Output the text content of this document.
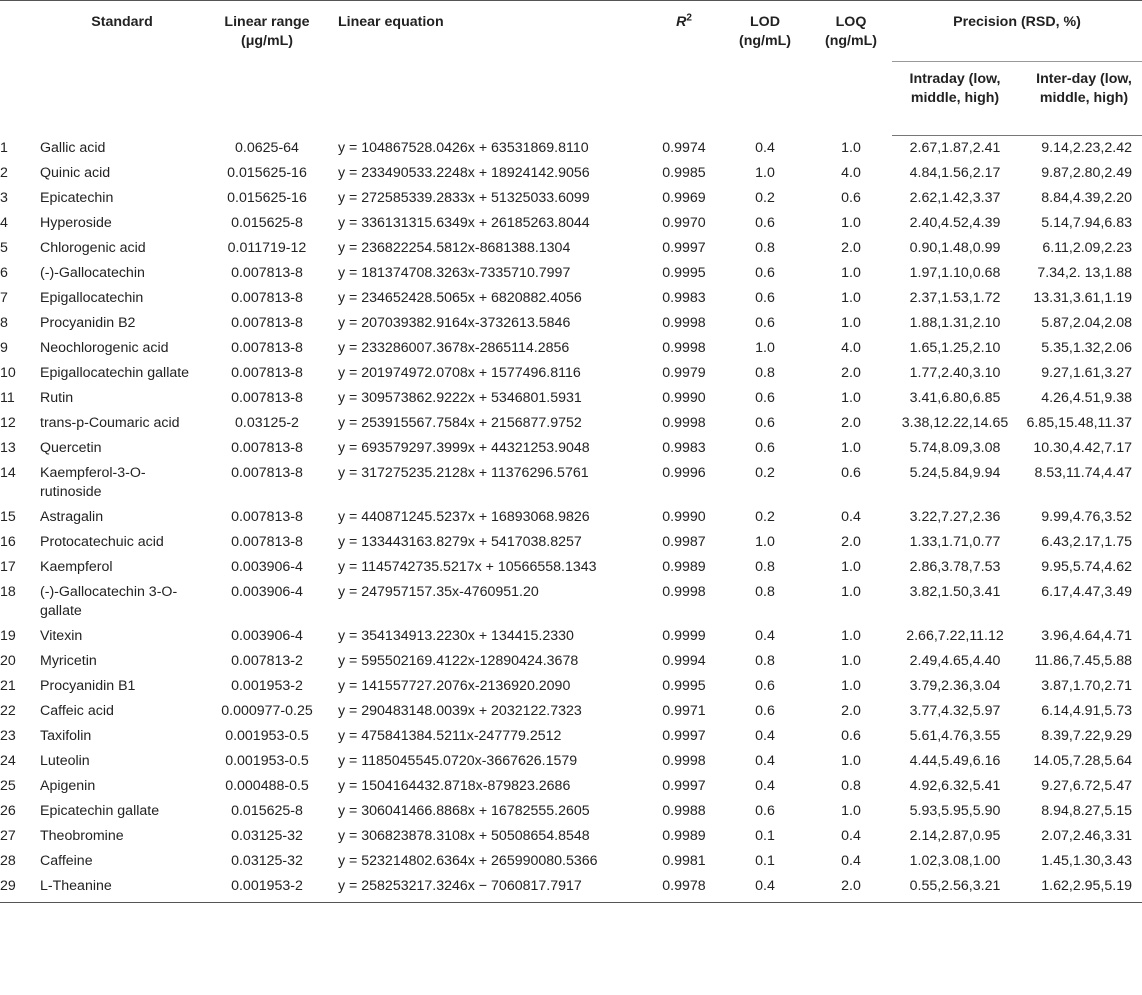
	Standard	Linear range (μg/mL)	Linear equation	$R^2$	LOD (ng/mL)	LOQ (ng/mL)	Precision (RSD, %)	

							Intraday (low, middle, high)	Inter-day (low, middle, high)

1	Gallic acid	0.0625-64	y = 104867528.0426x + 63531869.8110	0.9974	0.4	1.0	2.67,1.87,2.41	9.14,2.23,2.42
2	Quinic acid	0.015625-16	y = 233490533.2248x + 18924142.9056	0.9985	1.0	4.0	4.84,1.56,2.17	9.87,2.80,2.49
3	Epicatechin	0.015625-16	y = 272585339.2833x + 51325033.6099	0.9969	0.2	0.6	2.62,1.42,3.37	8.84,4.39,2.20
4	Hyperoside	0.015625-8	y = 336131315.6349x + 26185263.8044	0.9970	0.6	1.0	2.40,4.52,4.39	5.14,7.94,6.83
5	Chlorogenic acid	0.011719-12	y = 236822254.5812x-8681388.1304	0.9997	0.8	2.0	0.90,1.48,0.99	6.11,2.09,2.23
6	(-)-Gallocatechin	0.007813-8	y = 181374708.3263x-7335710.7997	0.9995	0.6	1.0	1.97,1.10,0.68	7.34,2. 13,1.88
7	Epigallocatechin	0.007813-8	y = 234652428.5065x + 6820882.4056	0.9983	0.6	1.0	2.37,1.53,1.72	13.31,3.61,1.19
8	Procyanidin B2	0.007813-8	y = 207039382.9164x-3732613.5846	0.9998	0.6	1.0	1.88,1.31,2.10	5.87,2.04,2.08
9	Neochlorogenic acid	0.007813-8	y = 233286007.3678x-2865114.2856	0.9998	1.0	4.0	1.65,1.25,2.10	5.35,1.32,2.06
10	Epigallocatechin gallate	0.007813-8	y = 201974972.0708x + 1577496.8116	0.9979	0.8	2.0	1.77,2.40,3.10	9.27,1.61,3.27
11	Rutin	0.007813-8	y = 309573862.9222x + 5346801.5931	0.9990	0.6	1.0	3.41,6.80,6.85	4.26,4.51,9.38
12	trans-p-Coumaric acid	0.03125-2	y = 253915567.7584x + 2156877.9752	0.9998	0.6	2.0	3.38,12.22,14.65	6.85,15.48,11.37
13	Quercetin	0.007813-8	y = 693579297.3999x + 44321253.9048	0.9983	0.6	1.0	5.74,8.09,3.08	10.30,4.42,7.17
14	Kaempferol-3-O-rutinoside	0.007813-8	y = 317275235.2128x + 11376296.5761	0.9996	0.2	0.6	5.24,5.84,9.94	8.53,11.74,4.47
15	Astragalin	0.007813-8	y = 440871245.5237x + 16893068.9826	0.9990	0.2	0.4	3.22,7.27,2.36	9.99,4.76,3.52
16	Protocatechuic acid	0.007813-8	y = 133443163.8279x + 5417038.8257	0.9987	1.0	2.0	1.33,1.71,0.77	6.43,2.17,1.75
17	Kaempferol	0.003906-4	y = 1145742735.5217x + 10566558.1343	0.9989	0.8	1.0	2.86,3.78,7.53	9.95,5.74,4.62
18	(-)-Gallocatechin 3-O-gallate	0.003906-4	y = 247957157.35x-4760951.20	0.9998	0.8	1.0	3.82,1.50,3.41	6.17,4.47,3.49
19	Vitexin	0.003906-4	y = 354134913.2230x + 134415.2330	0.9999	0.4	1.0	2.66,7.22,11.12	3.96,4.64,4.71
20	Myricetin	0.007813-2	y = 595502169.4122x-12890424.3678	0.9994	0.8	1.0	2.49,4.65,4.40	11.86,7.45,5.88
21	Procyanidin B1	0.001953-2	y = 141557727.2076x-2136920.2090	0.9995	0.6	1.0	3.79,2.36,3.04	3.87,1.70,2.71
22	Caffeic acid	0.000977-0.25	y = 290483148.0039x + 2032122.7323	0.9971	0.6	2.0	3.77,4.32,5.97	6.14,4.91,5.73
23	Taxifolin	0.001953-0.5	y = 475841384.5211x-247779.2512	0.9997	0.4	0.6	5.61,4.76,3.55	8.39,7.22,9.29
24	Luteolin	0.001953-0.5	y = 1185045545.0720x-3667626.1579	0.9998	0.4	1.0	4.44,5.49,6.16	14.05,7.28,5.64
25	Apigenin	0.000488-0.5	y = 1504164432.8718x-879823.2686	0.9997	0.4	0.8	4.92,6.32,5.41	9.27,6.72,5.47
26	Epicatechin gallate	0.015625-8	y = 306041466.8868x + 16782555.2605	0.9988	0.6	1.0	5.93,5.95,5.90	8.94,8.27,5.15
27	Theobromine	0.03125-32	y = 306823878.3108x + 50508654.8548	0.9989	0.1	0.4	2.14,2.87,0.95	2.07,2.46,3.31
28	Caffeine	0.03125-32	y = 523214802.6364x + 265990080.5366	0.9981	0.1	0.4	1.02,3.08,1.00	1.45,1.30,3.43
29	L-Theanine	0.001953-2	y = 258253217.3246x − 7060817.7917	0.9978	0.4	2.0	0.55,2.56,3.21	1.62,2.95,5.19
